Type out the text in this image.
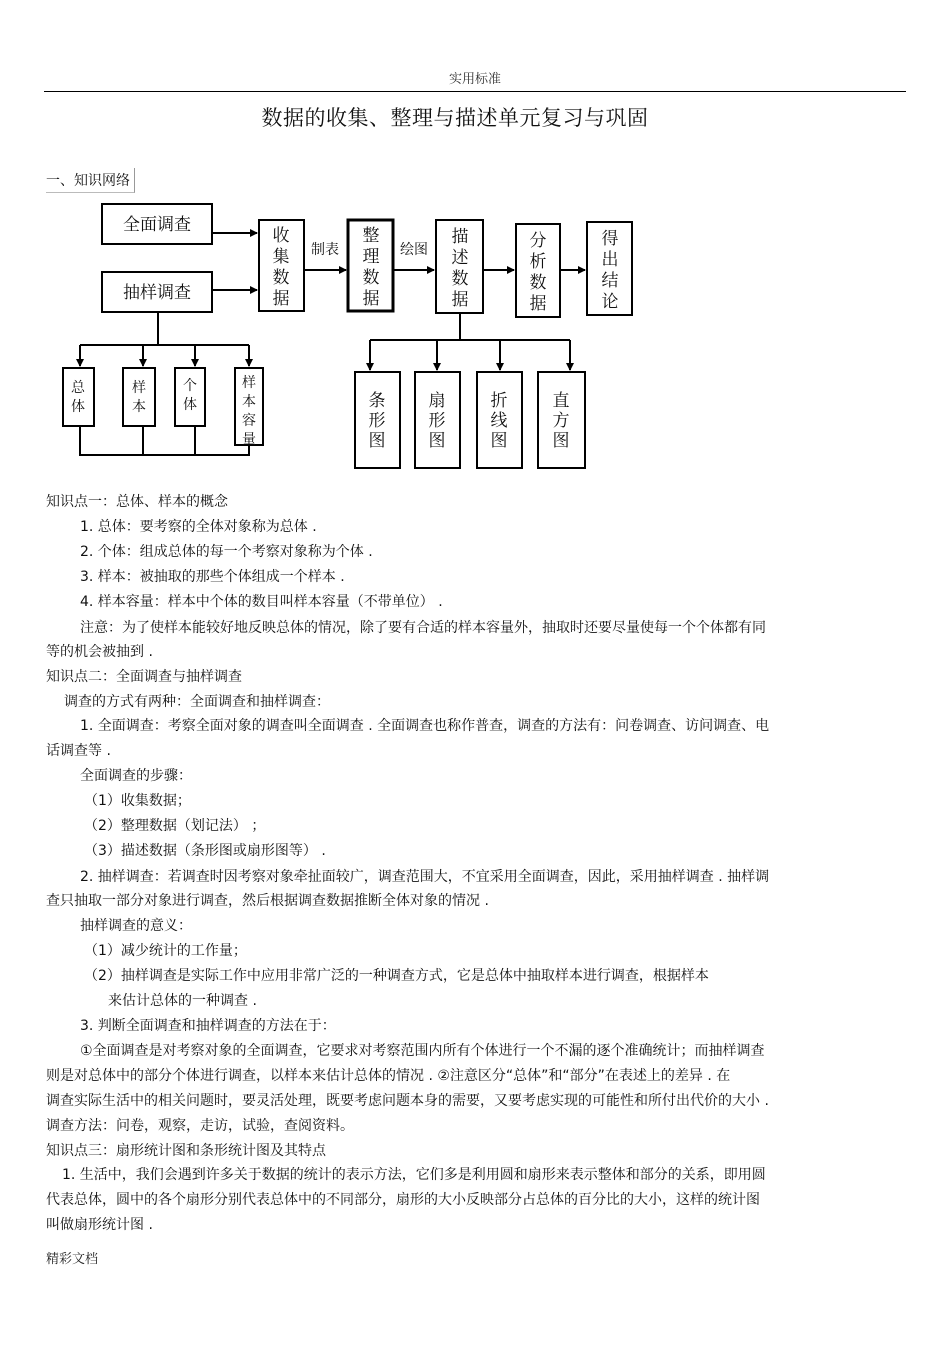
实用标准
数据的收集、整理与描述单元复习与巩固
一、知识网络
全面调查
抽样调查
制表	绘图
收
集
数
据
整
理
数
据
描
述
数
据
分
析
数
据
得
出
结
论
总
体
样
本
个
体
样
本
容
量
条
形
图
扇
形
图
折
线
图
直
方
图
知识点一：总体、样本的概念
1. 总体：要考察的全体对象称为总体 .
2. 个体：组成总体的每一个考察对象称为个体 .
3. 样本：被抽取的那些个体组成一个样本 .
4. 样本容量：样本中个体的数目叫样本容量（不带单位） .
注意：为了使样本能较好地反映总体的情况，除了要有合适的样本容量外，抽取时还要尽量使每一个个体都有同
等的机会被抽到 .
知识点二：全面调查与抽样调查
调查的方式有两种：全面调查和抽样调查：
1. 全面调查：考察全面对象的调查叫全面调查 . 全面调查也称作普查，调查的方法有：问卷调查、访问调查、电
话调查等 .
全面调查的步骤：
（1）收集数据；
（2）整理数据（划记法） ；
（3）描述数据（条形图或扇形图等） .
2. 抽样调查：若调查时因考察对象牵扯面较广，调查范围大，不宜采用全面调查，因此，采用抽样调查 . 抽样调
查只抽取一部分对象进行调查，然后根据调查数据推断全体对象的情况 .
抽样调查的意义：
（1）减少统计的工作量；
（2）抽样调查是实际工作中应用非常广泛的一种调查方式，它是总体中抽取样本进行调查，根据样本
来估计总体的一种调查 .
3. 判断全面调查和抽样调查的方法在于：
①全面调查是对考察对象的全面调查，它要求对考察范围内所有个体进行一个不漏的逐个准确统计；而抽样调查
则是对总体中的部分个体进行调查，以样本来估计总体的情况 . ②注意区分“总体”和“部分”在表述上的差异 . 在
调查实际生活中的相关问题时，要灵活处理，既要考虑问题本身的需要，又要考虑实现的可能性和所付出代价的大小 .
调查方法：问卷，观察，走访，试验，查阅资料。
知识点三：扇形统计图和条形统计图及其特点
1. 生活中，我们会遇到许多关于数据的统计的表示方法，它们多是利用圆和扇形来表示整体和部分的关系，即用圆
代表总体，圆中的各个扇形分别代表总体中的不同部分，扇形的大小反映部分占总体的百分比的大小，这样的统计图
叫做扇形统计图 .
精彩文档
